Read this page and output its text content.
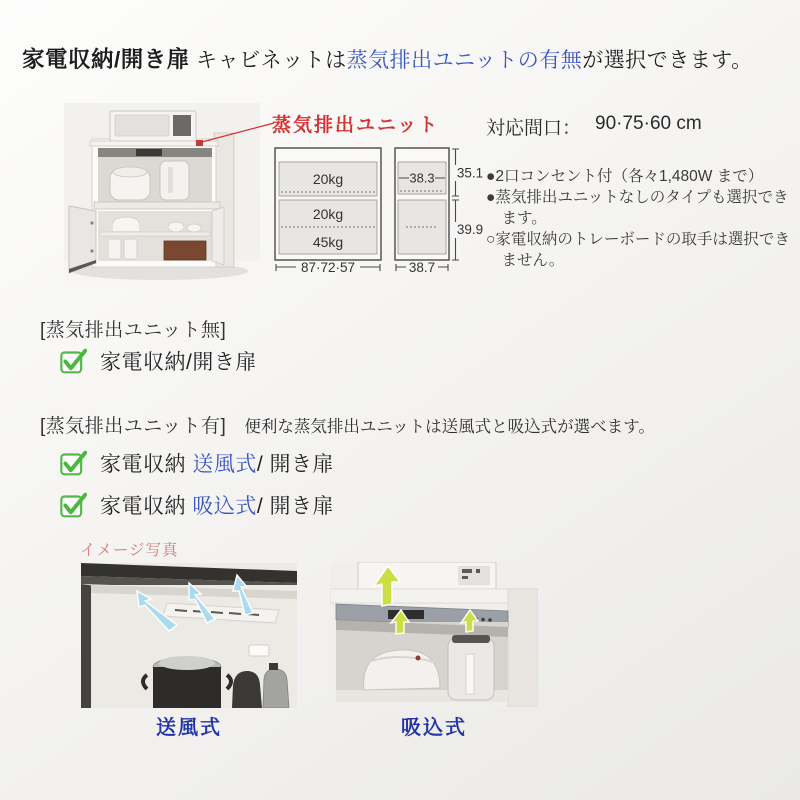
家電収納/開き扉 キャビネットは蒸気排出ユニットの有無が選択できます。
蒸気排出ユニット
20kg
20kg
45kg
87·72·57
38.3 35.1
39.9
38.7
対応間口： 90·75·60 cm
●2口コンセント付（各々1,480W まで）
●蒸気排出ユニットなしのタイプも選択できます。
○家電収納のトレーボードの取手は選択できません。
[蒸気排出ユニット無]
家電収納/開き扉
[蒸気排出ユニット有] 便利な蒸気排出ユニットは送風式と吸込式が選べます。
家電収納 送風式/ 開き扉
家電収納 吸込式/ 開き扉
イメージ写真
送風式	吸込式
